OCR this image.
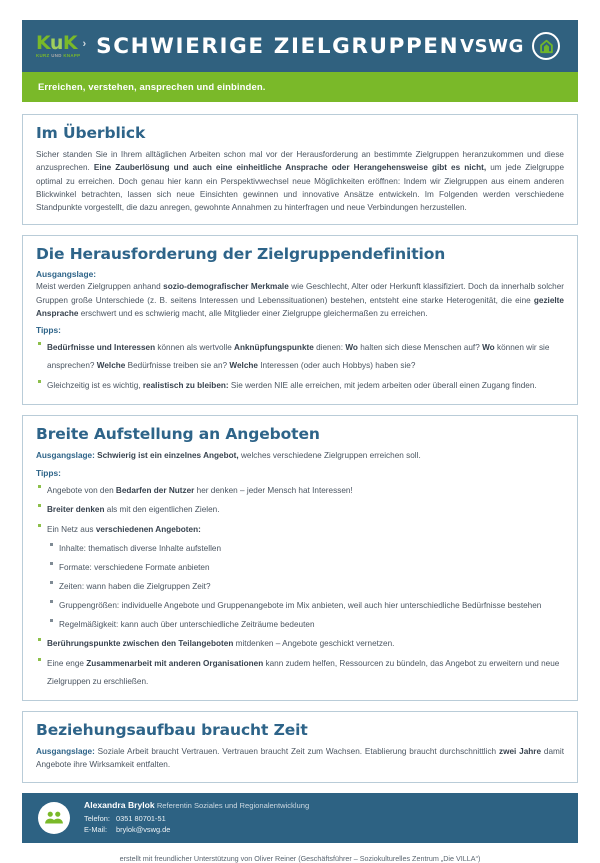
KuK
KURZ UND KNAPP
› SCHWIERIGE ZIELGRUPPEN VSWG
Erreichen, verstehen, ansprechen und einbinden.
Im Überblick

Sicher standen Sie in Ihrem alltäglichen Arbeiten schon mal vor der Herausforderung an bestimmte Zielgruppen heranzukommen und diese anzusprechen. Eine Zauberlösung und auch eine einheitliche Ansprache oder Herangehensweise gibt es nicht, um jede Zielgruppe optimal zu erreichen. Doch genau hier kann ein Perspektivwechsel neue Möglichkeiten eröffnen: Indem wir Zielgruppen aus einem anderen Blickwinkel betrachten, lassen sich neue Einsichten gewinnen und innovative Ansätze entwickeln. Im Folgenden werden verschiedene Standpunkte vorgestellt, die dazu anregen, gewohnte Annahmen zu hinterfragen und neue Verbindungen herzustellen.

Die Herausforderung der Zielgruppendefinition
Ausgangslage:

Meist werden Zielgruppen anhand sozio-demografischer Merkmale wie Geschlecht, Alter oder Herkunft klassifiziert. Doch da innerhalb solcher Gruppen große Unterschiede (z. B. seitens Interessen und Lebenssituationen) bestehen, entsteht eine starke Heterogenität, die eine gezielte Ansprache erschwert und es schwierig macht, alle Mitglieder einer Zielgruppe gleichermaßen zu erreichen.

Tipps:
Bedürfnisse und Interessen können als wertvolle Anknüpfungspunkte dienen: Wo halten sich diese Menschen auf? Wo können wir sie ansprechen? Welche Bedürfnisse treiben sie an? Welche Interessen (oder auch Hobbys) haben sie?
Gleichzeitig ist es wichtig, realistisch zu bleiben: Sie werden NIE alle erreichen, mit jedem arbeiten oder überall einen Zugang finden.
Breite Aufstellung an Angeboten

Ausgangslage: Schwierig ist ein einzelnes Angebot, welches verschiedene Zielgruppen erreichen soll.

Tipps:
Angebote von den Bedarfen der Nutzer her denken – jeder Mensch hat Interessen!
Breiter denken als mit den eigentlichen Zielen.
Ein Netz aus verschiedenen Angeboten:
Inhalte: thematisch diverse Inhalte aufstellen
Formate: verschiedene Formate anbieten
Zeiten: wann haben die Zielgruppen Zeit?
Gruppengrößen: individuelle Angebote und Gruppenangebote im Mix anbieten, weil auch hier unterschiedliche Bedürfnisse bestehen
Regelmäßigkeit: kann auch über unterschiedliche Zeiträume bedeuten
Berührungspunkte zwischen den Teilangeboten mitdenken – Angebote geschickt vernetzen.
Eine enge Zusammenarbeit mit anderen Organisationen kann zudem helfen, Ressourcen zu bündeln, das Angebot zu erweitern und neue Zielgruppen zu erschließen.
Beziehungsaufbau braucht Zeit

Ausgangslage: Soziale Arbeit braucht Vertrauen. Vertrauen braucht Zeit zum Wachsen. Etablierung braucht durchschnittlich zwei Jahre damit Angebote ihre Wirksamkeit entfalten.

Alexandra Brylok Referentin Soziales und Regionalentwicklung
Telefon: 0351 80701-51
E-Mail:	brylok@vswg.de
erstellt mit freundlicher Unterstützung von Oliver Reiner (Geschäftsführer – Soziokulturelles Zentrum „Die VILLA“)
